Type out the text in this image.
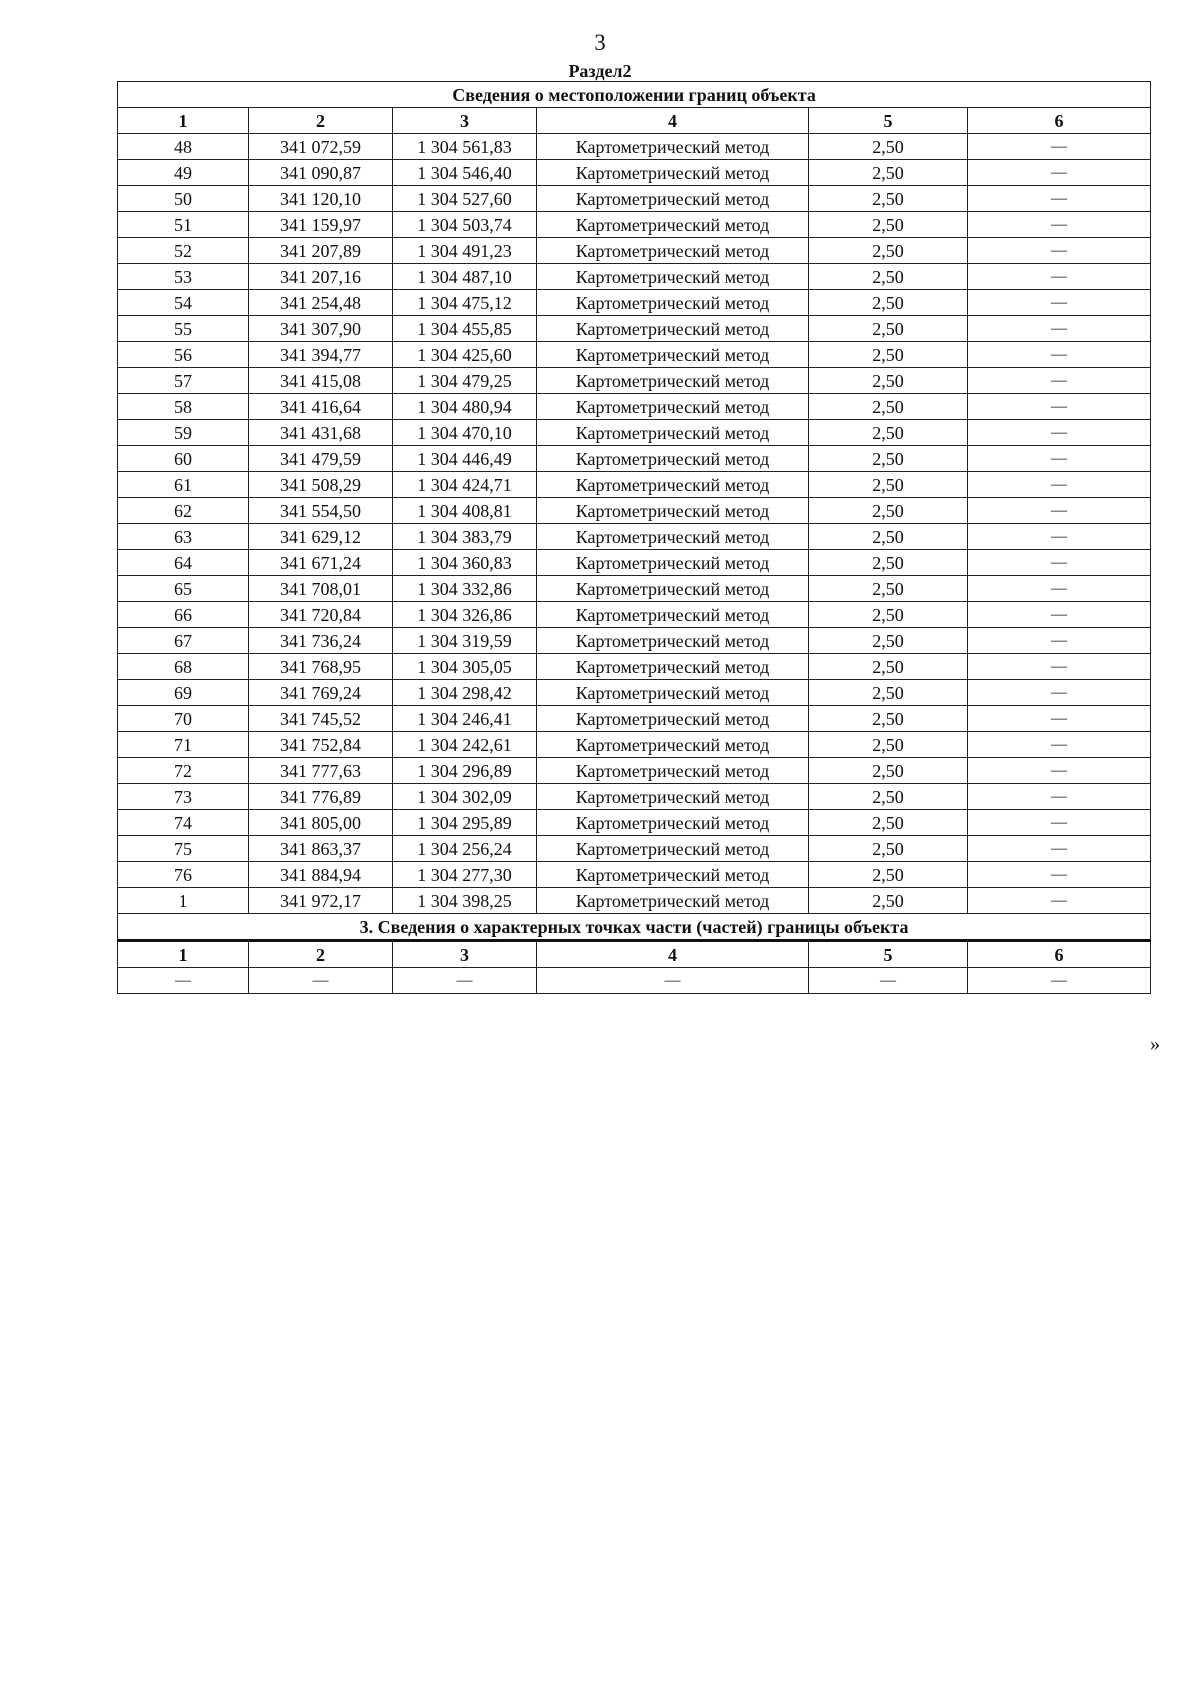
3
Раздел2
Сведения о местоположении границ объекта					
1	2	3	4	5	6
48	341 072,59	1 304 561,83	Картометрический метод	2,50	—
49	341 090,87	1 304 546,40	Картометрический метод	2,50	—
50	341 120,10	1 304 527,60	Картометрический метод	2,50	—
51	341 159,97	1 304 503,74	Картометрический метод	2,50	—
52	341 207,89	1 304 491,23	Картометрический метод	2,50	—
53	341 207,16	1 304 487,10	Картометрический метод	2,50	—
54	341 254,48	1 304 475,12	Картометрический метод	2,50	—
55	341 307,90	1 304 455,85	Картометрический метод	2,50	—
56	341 394,77	1 304 425,60	Картометрический метод	2,50	—
57	341 415,08	1 304 479,25	Картометрический метод	2,50	—
58	341 416,64	1 304 480,94	Картометрический метод	2,50	—
59	341 431,68	1 304 470,10	Картометрический метод	2,50	—
60	341 479,59	1 304 446,49	Картометрический метод	2,50	—
61	341 508,29	1 304 424,71	Картометрический метод	2,50	—
62	341 554,50	1 304 408,81	Картометрический метод	2,50	—
63	341 629,12	1 304 383,79	Картометрический метод	2,50	—
64	341 671,24	1 304 360,83	Картометрический метод	2,50	—
65	341 708,01	1 304 332,86	Картометрический метод	2,50	—
66	341 720,84	1 304 326,86	Картометрический метод	2,50	—
67	341 736,24	1 304 319,59	Картометрический метод	2,50	—
68	341 768,95	1 304 305,05	Картометрический метод	2,50	—
69	341 769,24	1 304 298,42	Картометрический метод	2,50	—
70	341 745,52	1 304 246,41	Картометрический метод	2,50	—
71	341 752,84	1 304 242,61	Картометрический метод	2,50	—
72	341 777,63	1 304 296,89	Картометрический метод	2,50	—
73	341 776,89	1 304 302,09	Картометрический метод	2,50	—
74	341 805,00	1 304 295,89	Картометрический метод	2,50	—
75	341 863,37	1 304 256,24	Картометрический метод	2,50	—
76	341 884,94	1 304 277,30	Картометрический метод	2,50	—
1	341 972,17	1 304 398,25	Картометрический метод	2,50	—
3. Сведения о характерных точках части (частей) границы объекта					
1	2	3	4	5	6
—	—	—	—	—	—
»
